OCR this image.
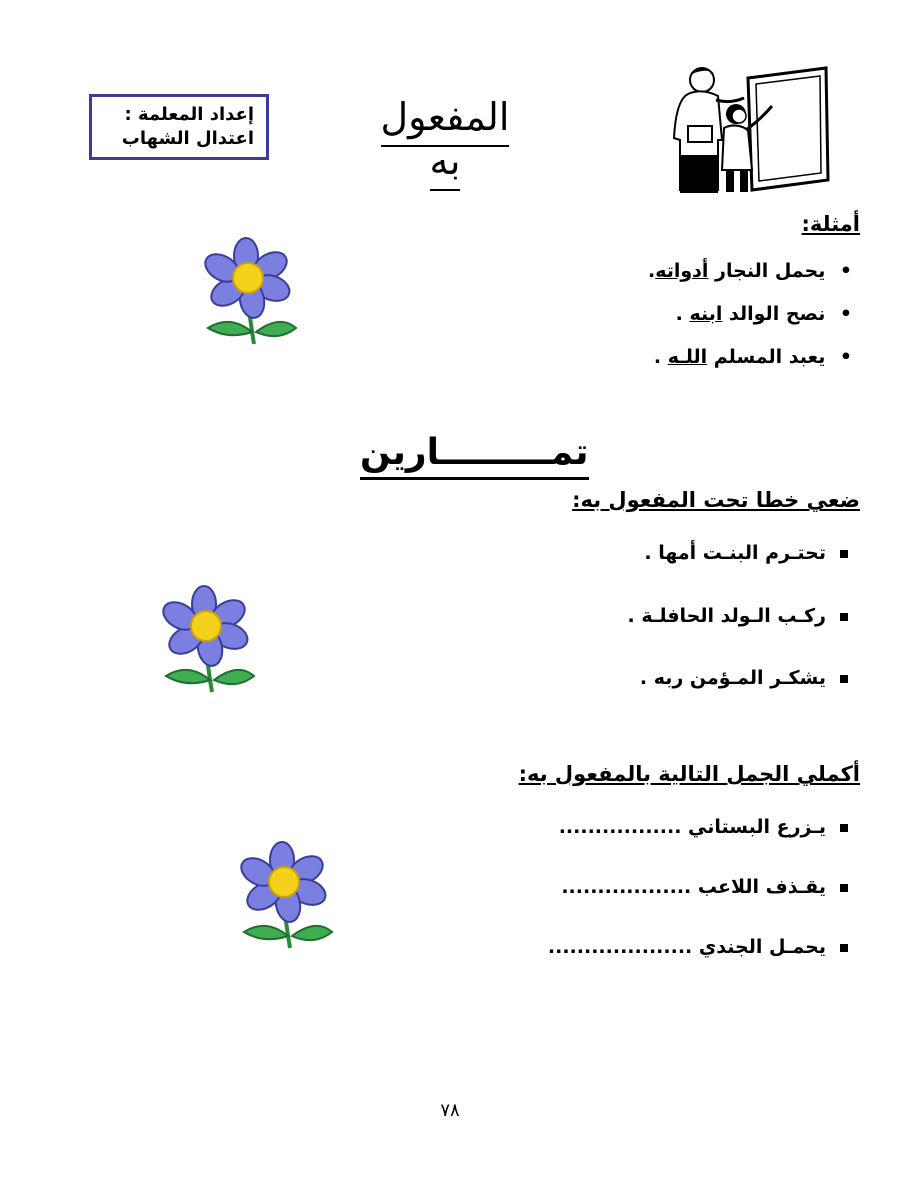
إعداد المعلمة :
اعتدال الشهاب	المفعول به
أمثلة:
• يحمل النجار أدواته.
• نصح الوالد ابنه .
• يعبد المسلم اللـه .
تمـــــــــارين
ضعي خطا تحت المفعول به:
تحتـرم البنـت أمها .
ركـب الـولد الحافلـة .
يشكـر المـؤمن ربه .
أكملي الجمل التالية بالمفعول به:
يـزرع البستاني .................
يقـذف اللاعب ..................
يحمـل الجندي ....................
٧٨
